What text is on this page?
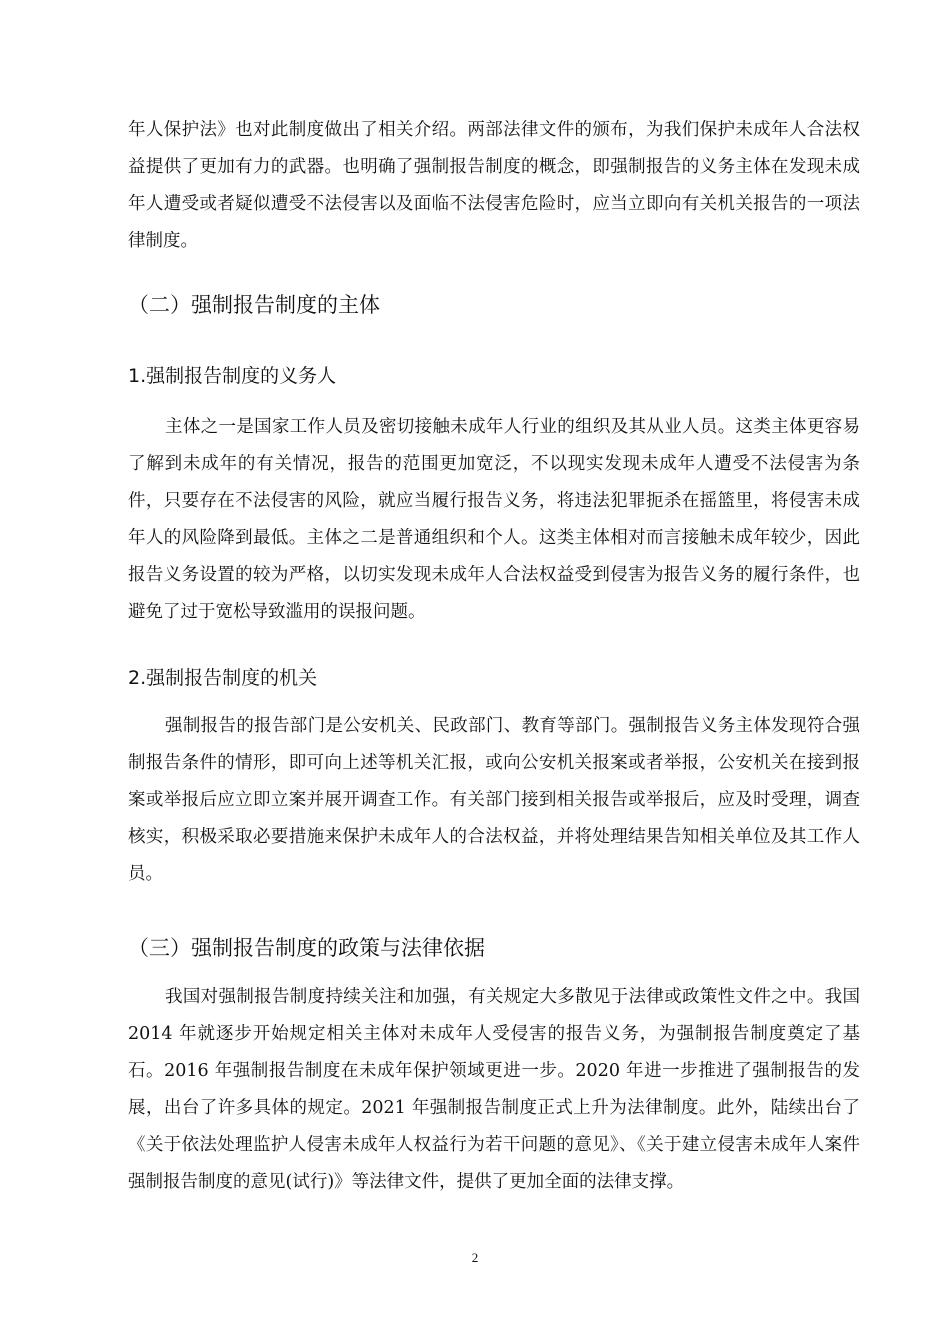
年人保护法》也对此制度做出了相关介绍。两部法律文件的颁布，为我们保护未成年人合法权益提供了更加有力的武器。也明确了强制报告制度的概念，即强制报告的义务主体在发现未成年人遭受或者疑似遭受不法侵害以及面临不法侵害危险时，应当立即向有关机关报告的一项法律制度。

（二）强制报告制度的主体
1.强制报告制度的义务人

主体之一是国家工作人员及密切接触未成年人行业的组织及其从业人员。这类主体更容易了解到未成年的有关情况，报告的范围更加宽泛，不以现实发现未成年人遭受不法侵害为条件，只要存在不法侵害的风险，就应当履行报告义务，将违法犯罪扼杀在摇篮里，将侵害未成年人的风险降到最低。主体之二是普通组织和个人。这类主体相对而言接触未成年较少，因此报告义务设置的较为严格，以切实发现未成年人合法权益受到侵害为报告义务的履行条件，也避免了过于宽松导致滥用的误报问题。

2.强制报告制度的机关

强制报告的报告部门是公安机关、民政部门、教育等部门。强制报告义务主体发现符合强制报告条件的情形，即可向上述等机关汇报，或向公安机关报案或者举报，公安机关在接到报案或举报后应立即立案并展开调查工作。有关部门接到相关报告或举报后，应及时受理，调查核实，积极采取必要措施来保护未成年人的合法权益，并将处理结果告知相关单位及其工作人员。

（三）强制报告制度的政策与法律依据

我国对强制报告制度持续关注和加强，有关规定大多散见于法律或政策性文件之中。我国 2014 年就逐步开始规定相关主体对未成年人受侵害的报告义务，为强制报告制度奠定了基石。2016 年强制报告制度在未成年保护领域更进一步。2020 年进一步推进了强制报告的发展，出台了许多具体的规定。2021 年强制报告制度正式上升为法律制度。此外，陆续出台了《关于依法处理监护人侵害未成年人权益行为若干问题的意见》、《关于建立侵害未成年人案件强制报告制度的意见(试行)》等法律文件，提供了更加全面的法律支撑。

2
